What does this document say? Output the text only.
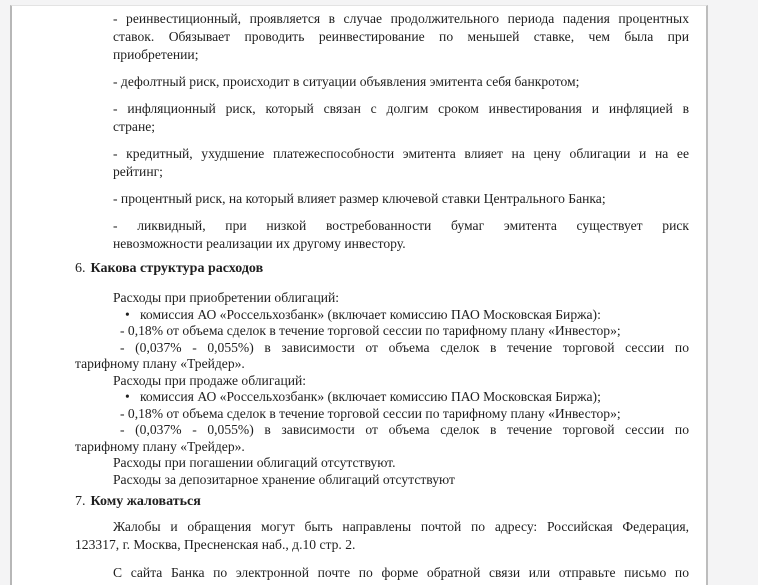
- реинвестиционный, проявляется в случае продолжительного периода падения процентных
ставок. Обязывает проводить реинвестирование по меньшей ставке, чем была при
приобретении;
- дефолтный риск, происходит в ситуации объявления эмитента себя банкротом;
- инфляционный риск, который связан с долгим сроком инвестирования и инфляцией в
стране;
- кредитный, ухудшение платежеспособности эмитента влияет на цену облигации и на ее
рейтинг;
- процентный риск, на который влияет размер ключевой ставки Центрального Банка;
- ликвидный, при низкой востребованности бумаг эмитента существует риск
невозможности реализации их другому инвестору.
6. Какова структура расходов
Расходы при приобретении облигаций:
• комиссия АО «Россельхозбанк» (включает комиссию ПАО Московская Биржа):
- 0,18% от объема сделок в течение торговой сессии по тарифному плану «Инвестор»;
- (0,037% - 0,055%) в зависимости от объема сделок в течение торговой сессии по
тарифному плану «Трейдер».
Расходы при продаже облигаций:
• комиссия АО «Россельхозбанк» (включает комиссию ПАО Московская Биржа);
- 0,18% от объема сделок в течение торговой сессии по тарифному плану «Инвестор»;
- (0,037% - 0,055%) в зависимости от объема сделок в течение торговой сессии по
тарифному плану «Трейдер».
Расходы при погашении облигаций отсутствуют.
Расходы за депозитарное хранение облигаций отсутствуют
7. Кому жаловаться
Жалобы и обращения могут быть направлены почтой по адресу: Российская Федерация,
123317, г. Москва, Пресненская наб., д.10 стр. 2.
С сайта Банка по электронной почте по форме обратной связи или отправьте письмо по
